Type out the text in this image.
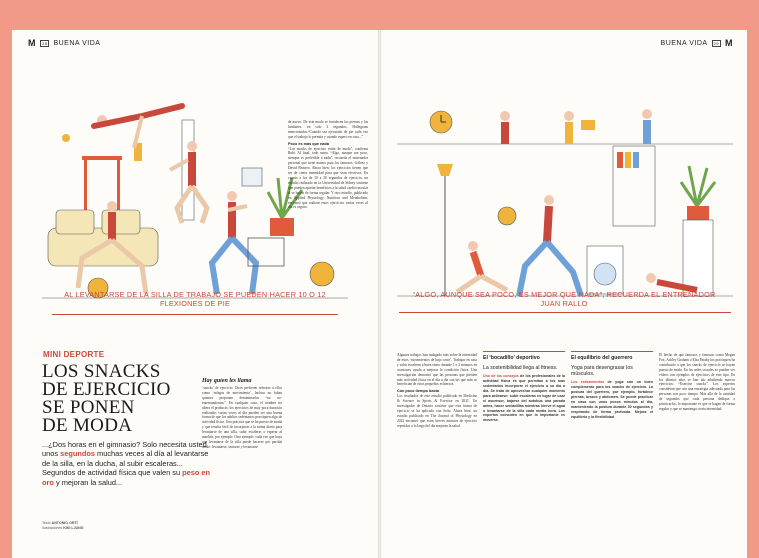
M	28 BUENA VIDA
AL LEVANTARSE DE LA SILLA DE TRABAJO SE PUEDEN HACER 10 O 12 FLEXIONES DE PIE
MINI DEPORTE
LOS SNACKS
DE EJERCICIO
SE PONEN
DE MODA
...¿Dos horas en el gimnasio? Solo necesita usted unos segundos muchas veces al día al levantarse de la silla, en la ducha, al subir escaleras... Segundos de actividad física que valen su peso en oro y mejoran la salud...
Texto ANTONIO ORTÍ
Ilustraciones KIKI LJUNG
Hay quien les llama
‘snacks’ de ejercicio. Otros prefieren referirse a ellos como ‘rafagas de movimiento’. Incluso no faltan quienes proponen denominarlos “no no-entrenamientos”. En cualquier caso, el nombre no altera el producto: los ejercicios de muy poca duración realizados varias veces al día pueden ser una buena forma de que los adultos sedentarios practiquen algo de actividad física. Una práctica que se ha puesto de moda y que resulta fácil de incorporar a la rutina diaria para levantarse de una silla, subir escaleras o esperar al autobús, por ejemplo. Otro ejemplo: cada vez que haya que levantarse de la silla puede hacerse por partida doble: levantarse, sentarse y levantarse
de nuevo. De este modo se fortalecen las piernas y las lumbares, en solo 3 segundos. Hallegrans mencionados:“Cuando sea ejecutado de pie cada vez que el trabajo lo permita y cuando espero en casa...”
Poco es más que nada
“Los snacks de ejercicio están de moda”, confirma Rubi. Al final, todo suma. “Algo, aunque sea poco, siempre es preferible a nada”, recuerda el entrenador personal que tiene manos para los famosos. Gálvez y David Brasero. Ahora bien, los ejercicios tienen que ser de cierta intensidad para que sean efectivos. En cuanto a los de 10 a 30 segundos de ejercicio, un estudio realizado en la Universidad de Sídney sostiene que pueden aportar beneficios a la salud cardiovascular si se hacen de forma regular. Y otro estudio, publicado en Applied Physiology, Nutrition and Metabolism, encontró que realizar estos ejercicios varias veces al día es seguro.
BUENA VIDA	29 M
“ALGO, AUNQUE SEA POCO, ES MEJOR QUE NADA”, RECUERDA EL ENTRENADOR JUAN RALLO
Algunos trabajos han indagado más sobre la intensidad de estos ‘movimientos de bajo coste’. Trabajar en casa y subir escaleras a buen ritmo durante 1 o 2 minutos en ocasiones ayuda a mejorar la condición física. Una investigación demostró que las personas que pierden más actividad física en el día a día son las que más se benefician de estos pequeños esfuerzos.
Con poco tiempo basta
Los resultados de este estudio publicado en Medicine & Science in Sports & Exercise en 2021. Un investigador de Ontario sostiene que esta forma de ejercicio se ha aplicado con éxito. Ahora bien, un estudio publicado en The Journal of Physiology en 2022 encontró que estos breves minutos de ejercicio repetidos a lo largo del día mejoran la salud.
El ‘bocadillo’ deportivo
La sostenibilidad llega al fitness.
Uno de los consejos de los profesionales de la actividad física es que permitan a los más sedentarios incorporar el ejercicio a su día a día. Se trata de aprovechar cualquier momento para activarse: subir escaleras en lugar de usar el ascensor, bajarse del autobús una parada antes, hacer sentadillas mientras hierve el agua o levantarse de la silla cada media hora. Los expertos coinciden en que lo importante es moverse.
El equilibrio del guerrero
Yoga para desengrasar los músculos.
Los estiramientos de yoga son un buen complemento para los snacks de ejercicio. La postura del guerrero, por ejemplo, fortalece piernas, brazos y abdomen. Se puede practicar en casa con unos pocos minutos al día, manteniendo la postura durante 30 segundos y respirando de forma profunda. Mejora el equilibrio y la flexibilidad.
El hecho de que famosos y famosas como Megan Fox, Ashley Graham o Elsa Pataky los practiquen ha contribuido a que los snacks de ejercicio se hayan puesto de moda. En las redes sociales se pueden ver vídeos con ejemplos de ejercicios de este tipo. En los últimos años se han ido añadiendo nuevos ejercicios: “Exercise snacks”. Los expertos consideran que son una estrategia adecuada para las personas con poco tiempo. Más allá de la cantidad de segundos que cada persona dedique a practicarlos, lo importante es que se hagan de forma regular y que se mantenga cierta intensidad.
